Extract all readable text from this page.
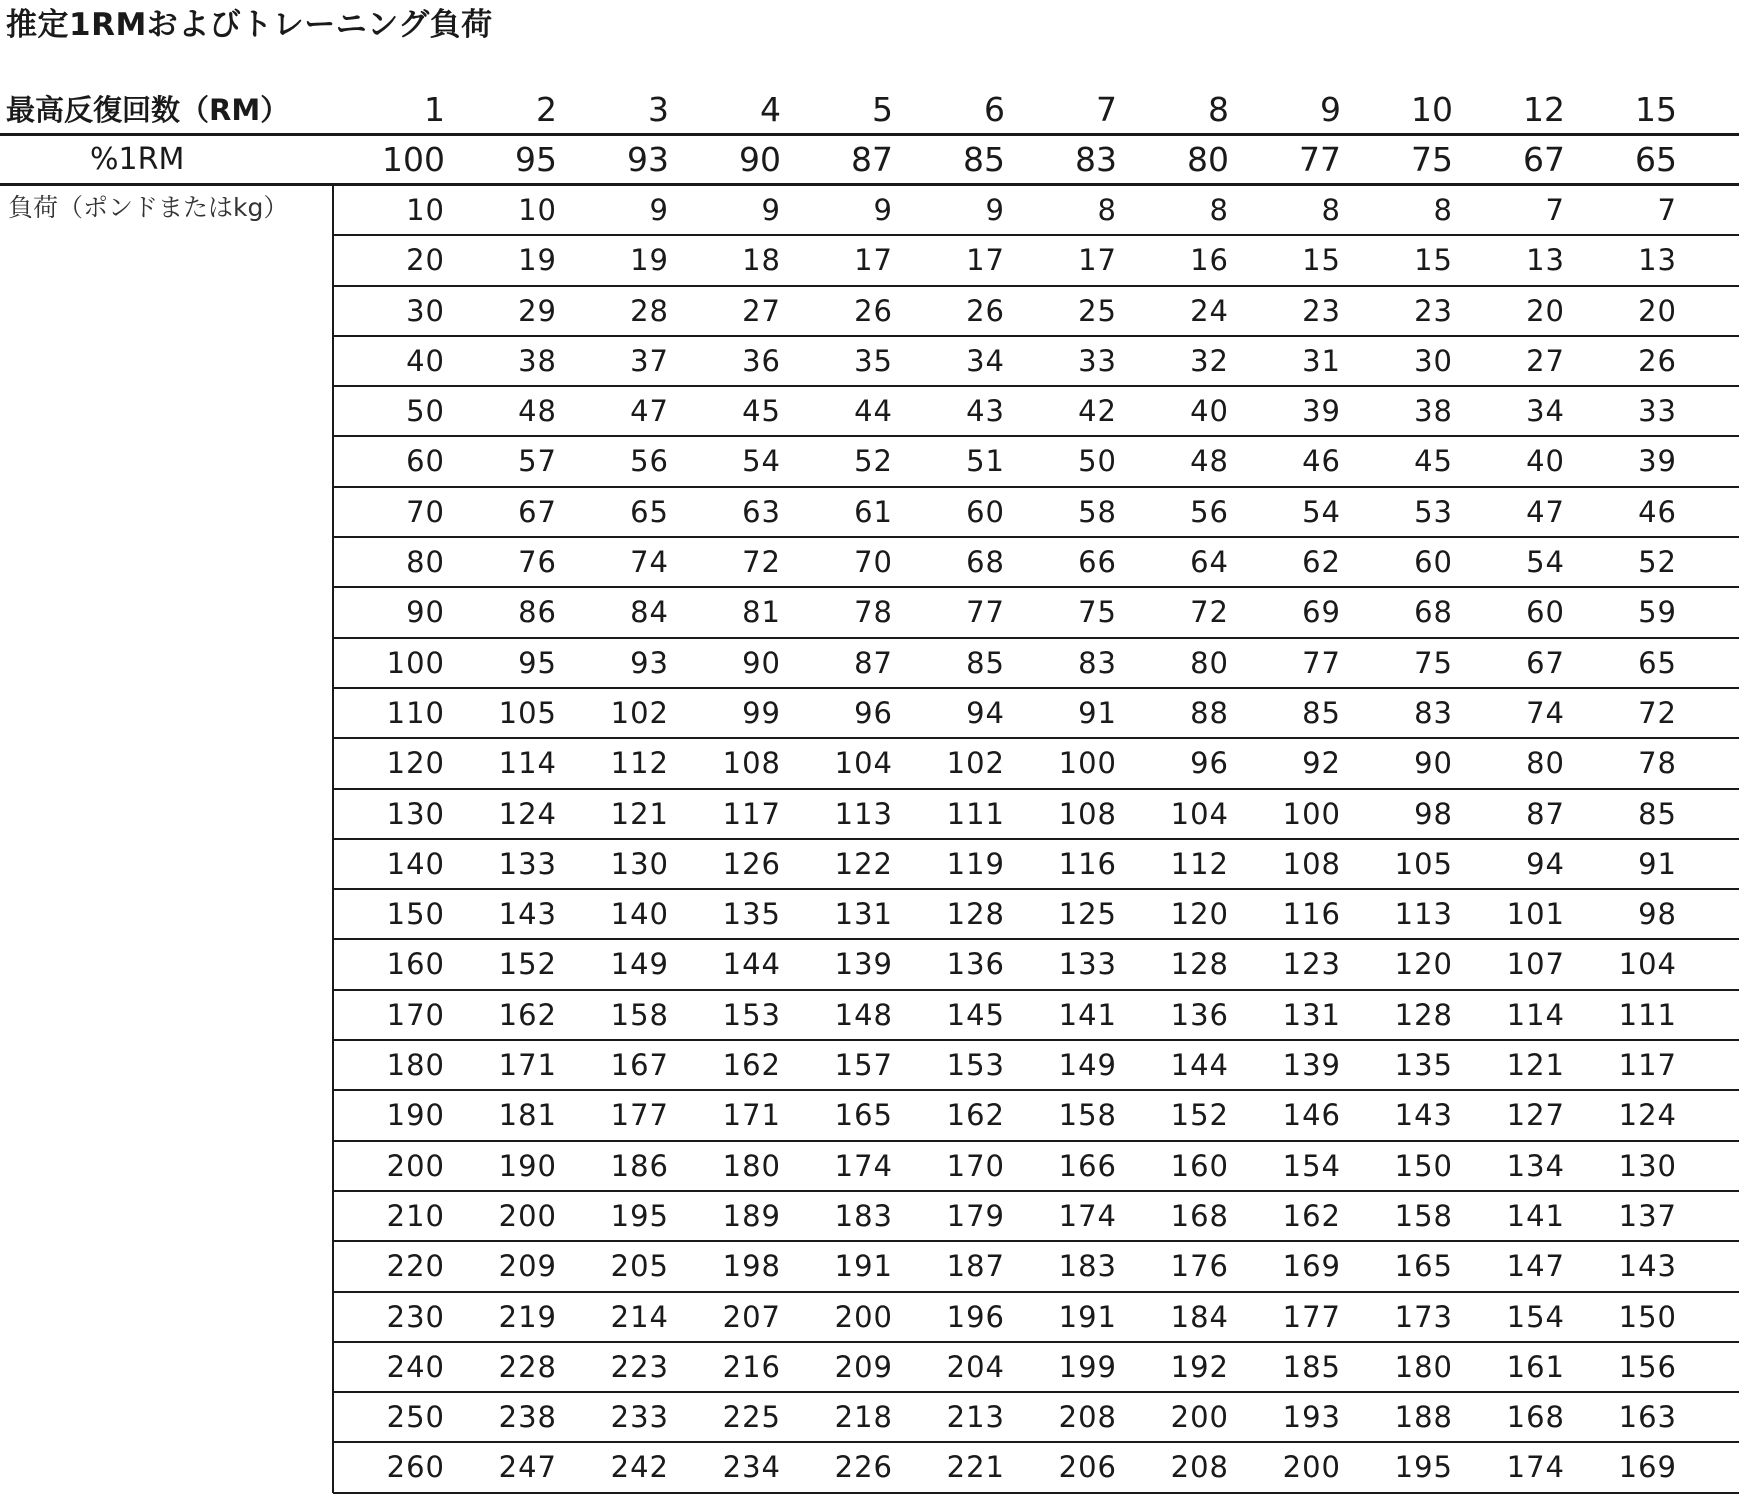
推定1RMおよびトレーニング負荷
最高反復回数（RM）	1	2	3	4	5	6	7	8	9	10	12	15
%1RM	100	95	93	90	87	85	83	80	77	75	67	65
負荷（ポンドまたはkg）	10	10	9	9	9	9	8	8	8	8	7	7
20	19	19	18	17	17	17	16	15	15	13	13
30	29	28	27	26	26	25	24	23	23	20	20
40	38	37	36	35	34	33	32	31	30	27	26
50	48	47	45	44	43	42	40	39	38	34	33
60	57	56	54	52	51	50	48	46	45	40	39
70	67	65	63	61	60	58	56	54	53	47	46
80	76	74	72	70	68	66	64	62	60	54	52
90	86	84	81	78	77	75	72	69	68	60	59
100	95	93	90	87	85	83	80	77	75	67	65
110	105	102	99	96	94	91	88	85	83	74	72
120	114	112	108	104	102	100	96	92	90	80	78
130	124	121	117	113	111	108	104	100	98	87	85
140	133	130	126	122	119	116	112	108	105	94	91
150	143	140	135	131	128	125	120	116	113	101	98
160	152	149	144	139	136	133	128	123	120	107	104
170	162	158	153	148	145	141	136	131	128	114	111
180	171	167	162	157	153	149	144	139	135	121	117
190	181	177	171	165	162	158	152	146	143	127	124
200	190	186	180	174	170	166	160	154	150	134	130
210	200	195	189	183	179	174	168	162	158	141	137
220	209	205	198	191	187	183	176	169	165	147	143
230	219	214	207	200	196	191	184	177	173	154	150
240	228	223	216	209	204	199	192	185	180	161	156
250	238	233	225	218	213	208	200	193	188	168	163
260	247	242	234	226	221	206	208	200	195	174	169
